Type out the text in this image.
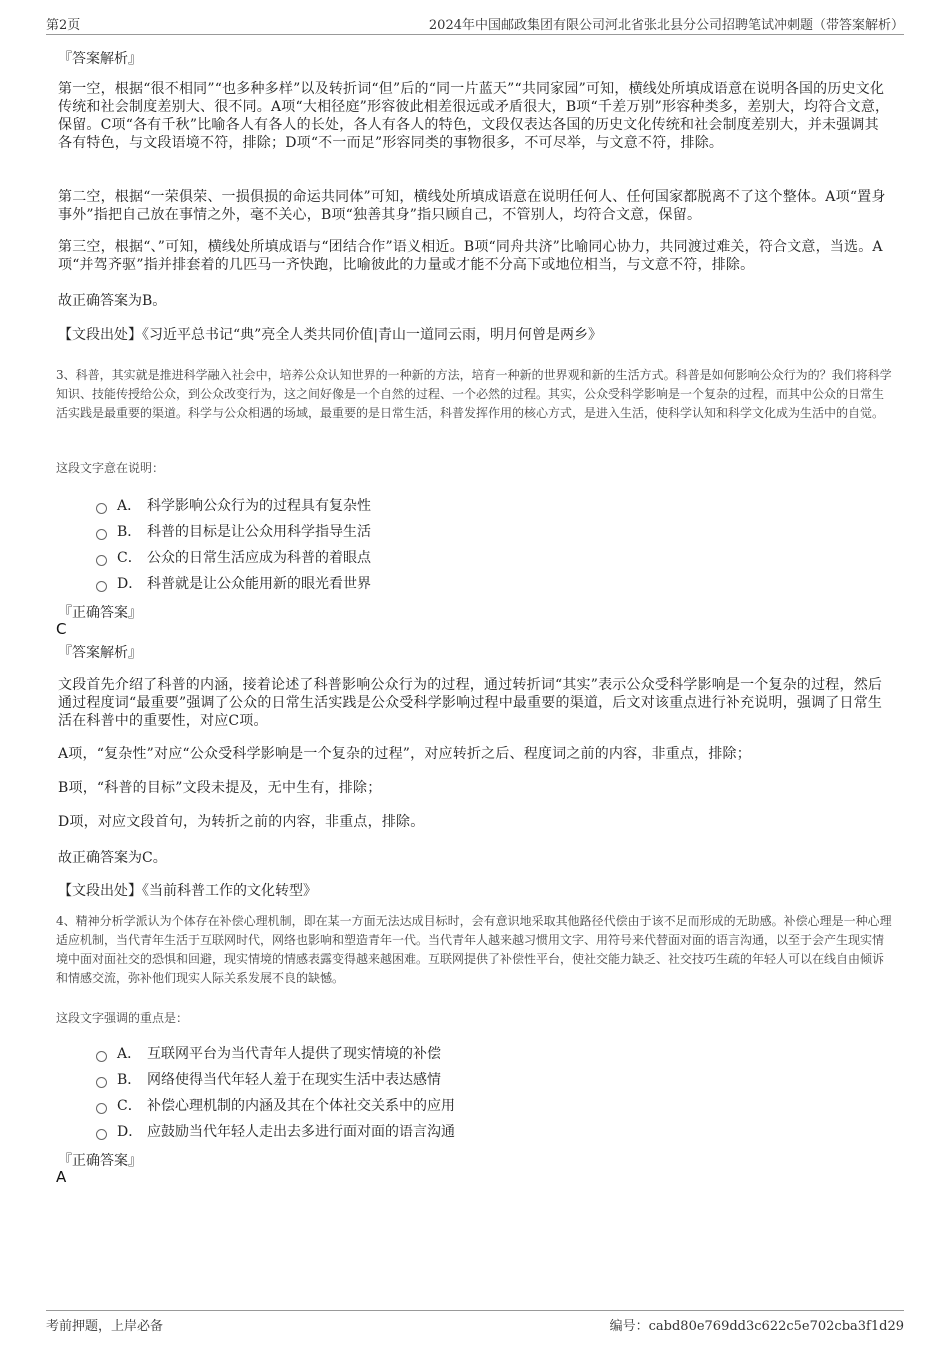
第2页	2024年中国邮政集团有限公司河北省张北县分公司招聘笔试冲刺题（带答案解析）
『答案解析』
第一空，根据“很不相同”“也多种多样”以及转折词“但”后的“同一片蓝天”“共同家园”可知，横线处所填成语意在说明各国的历史文化传统和社会制度差别大、很不同。A项“大相径庭”形容彼此相差很远或矛盾很大，B项“千差万别”形容种类多，差别大，均符合文意，保留。C项“各有千秋”比喻各人有各人的长处，各人有各人的特色，文段仅表达各国的历史文化传统和社会制度差别大，并未强调其各有特色，与文段语境不符，排除；D项“不一而足”形容同类的事物很多，不可尽举，与文意不符，排除。
第二空，根据“一荣俱荣、一损俱损的命运共同体”可知，横线处所填成语意在说明任何人、任何国家都脱离不了这个整体。A项“置身事外”指把自己放在事情之外，毫不关心，B项“独善其身”指只顾自己，不管别人，均符合文意，保留。
第三空，根据“、”可知，横线处所填成语与“团结合作”语义相近。B项“同舟共济”比喻同心协力，共同渡过难关，符合文意，当选。A项“并驾齐驱”指并排套着的几匹马一齐快跑，比喻彼此的力量或才能不分高下或地位相当，与文意不符，排除。
故正确答案为B。
【文段出处】《习近平总书记“典”亮全人类共同价值|青山一道同云雨，明月何曾是两乡》
3、科普，其实就是推进科学融入社会中，培养公众认知世界的一种新的方法，培育一种新的世界观和新的生活方式。科普是如何影响公众行为的？我们将科学知识、技能传授给公众，到公众改变行为，这之间好像是一个自然的过程、一个必然的过程。其实，公众受科学影响是一个复杂的过程，而其中公众的日常生活实践是最重要的渠道。科学与公众相遇的场域，最重要的是日常生活，科普发挥作用的核心方式，是进入生活，使科学认知和科学文化成为生活中的自觉。
这段文字意在说明：
A． 科学影响公众行为的过程具有复杂性
B． 科普的目标是让公众用科学指导生活
C． 公众的日常生活应成为科普的着眼点
D． 科普就是让公众能用新的眼光看世界
『正确答案』
C
『答案解析』
文段首先介绍了科普的内涵，接着论述了科普影响公众行为的过程，通过转折词“其实”表示公众受科学影响是一个复杂的过程，然后通过程度词“最重要”强调了公众的日常生活实践是公众受科学影响过程中最重要的渠道，后文对该重点进行补充说明，强调了日常生活在科普中的重要性，对应C项。
A项，“复杂性”对应“公众受科学影响是一个复杂的过程”，对应转折之后、程度词之前的内容，非重点，排除；
B项，“科普的目标”文段未提及，无中生有，排除；
D项，对应文段首句，为转折之前的内容，非重点，排除。
故正确答案为C。
【文段出处】《当前科普工作的文化转型》
4、精神分析学派认为个体存在补偿心理机制，即在某一方面无法达成目标时，会有意识地采取其他路径代偿由于该不足而形成的无助感。补偿心理是一种心理适应机制，当代青年生活于互联网时代，网络也影响和塑造青年一代。当代青年人越来越习惯用文字、用符号来代替面对面的语言沟通，以至于会产生现实情境中面对面社交的恐惧和回避，现实情境的情感表露变得越来越困难。互联网提供了补偿性平台，使社交能力缺乏、社交技巧生疏的年轻人可以在线自由倾诉和情感交流，弥补他们现实人际关系发展不良的缺憾。
这段文字强调的重点是：
A． 互联网平台为当代青年人提供了现实情境的补偿
B． 网络使得当代年轻人羞于在现实生活中表达感情
C． 补偿心理机制的内涵及其在个体社交关系中的应用
D． 应鼓励当代年轻人走出去多进行面对面的语言沟通
『正确答案』
A
考前押题，上岸必备	编号：cabd80e769dd3c622c5e702cba3f1d29
